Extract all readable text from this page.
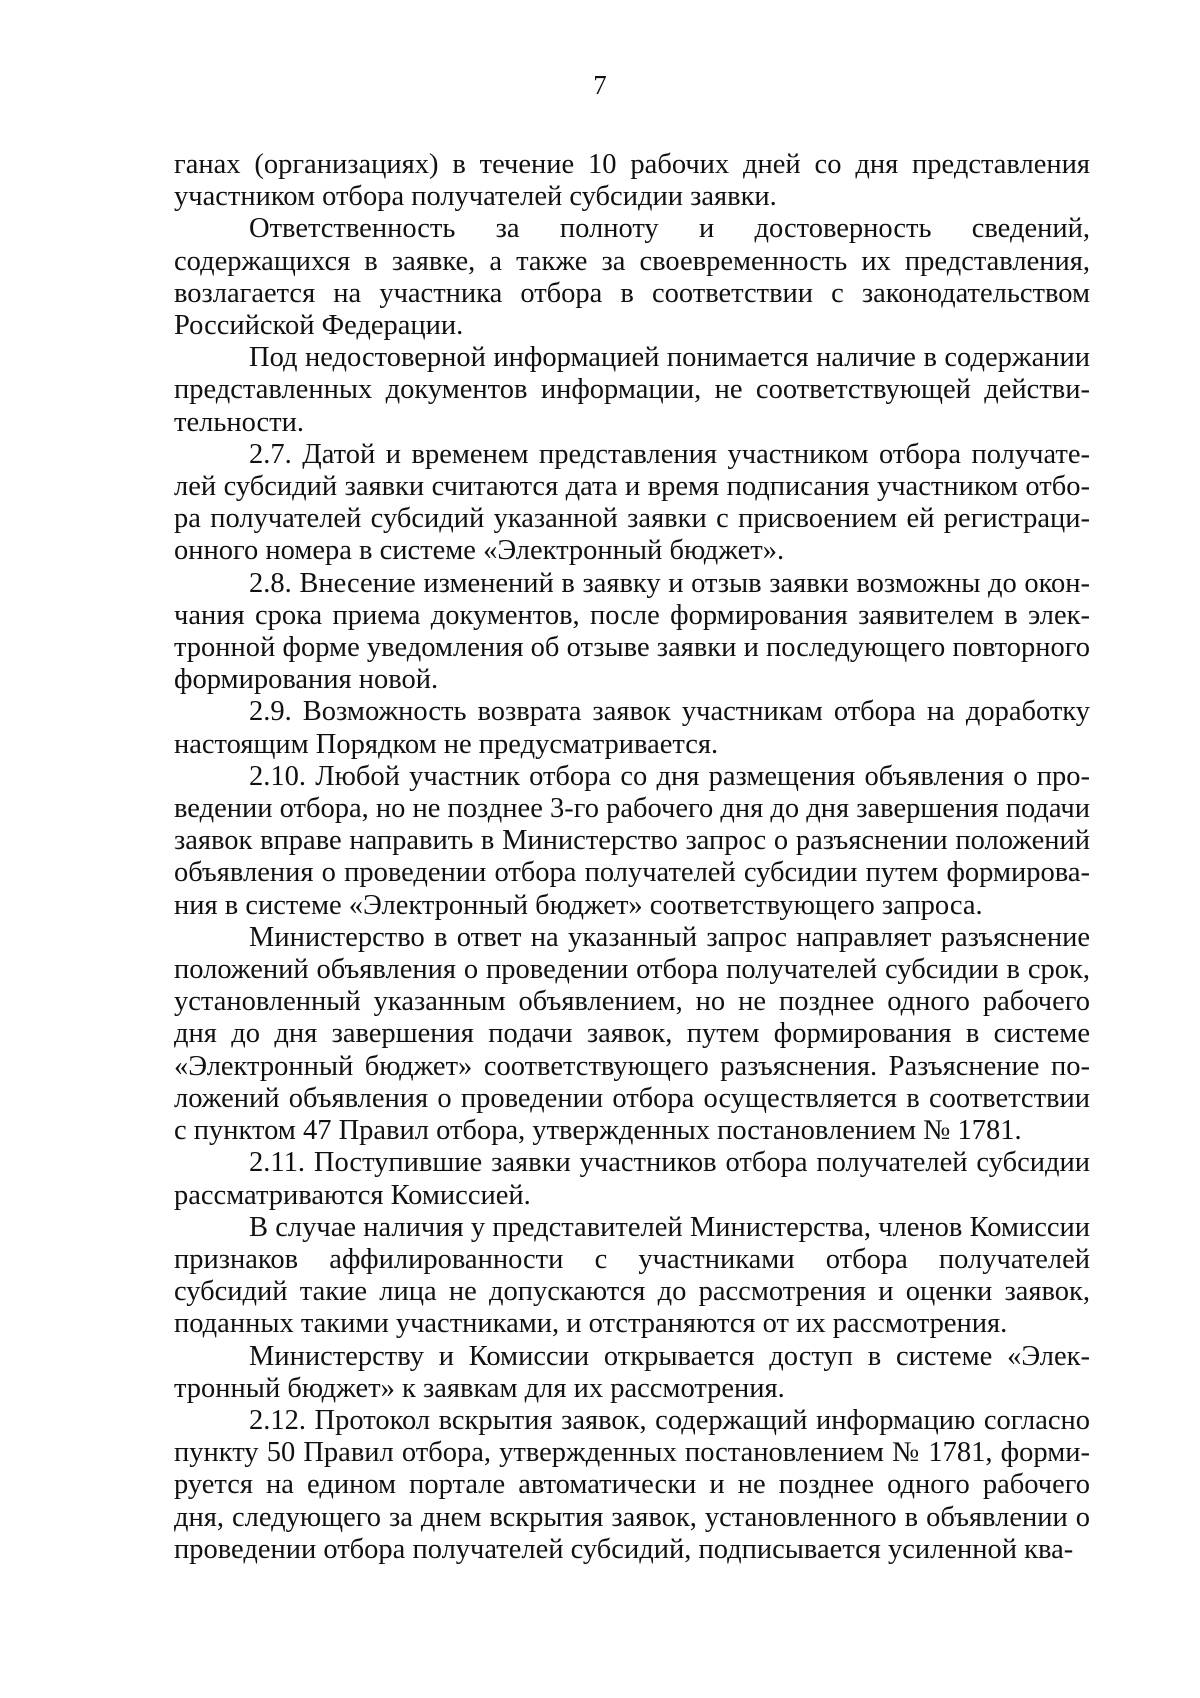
7

ганах (организациях) в течение 10 рабочих дней со дня представления участником отбора получателей субсидии заявки.

Ответственность за полноту и достоверность сведений, содержащихся в заявке, а также за своевременность их представления, возлагается на участника отбора в соответствии с законодательством Российской Федерации.

Под недостоверной информацией понимается наличие в содержании представленных документов информации, не соответствующей действительности.

2.7. Датой и временем представления участником отбора получателей субсидий заявки считаются дата и время подписания участником отбора получателей субсидий указанной заявки с присвоением ей регистрационного номера в системе «Электронный бюджет».

2.8. Внесение изменений в заявку и отзыв заявки возможны до окончания срока приема документов, после формирования заявителем в электронной форме уведомления об отзыве заявки и последующего повторного формирования новой.

2.9. Возможность возврата заявок участникам отбора на доработку настоящим Порядком не предусматривается.

2.10. Любой участник отбора со дня размещения объявления о проведении отбора, но не позднее 3-го рабочего дня до дня завершения подачи заявок вправе направить в Министерство запрос о разъяснении положений объявления о проведении отбора получателей субсидии путем формирования в системе «Электронный бюджет» соответствующего запроса.

Министерство в ответ на указанный запрос направляет разъяснение положений объявления о проведении отбора получателей субсидии в срок, установленный указанным объявлением, но не позднее одного рабочего дня до дня завершения подачи заявок, путем формирования в системе «Электронный бюджет» соответствующего разъяснения. Разъяснение положений объявления о проведении отбора осуществляется в соответствии с пунктом 47 Правил отбора, утвержденных постановлением № 1781.

2.11. Поступившие заявки участников отбора получателей субсидии рассматриваются Комиссией.

В случае наличия у представителей Министерства, членов Комиссии признаков аффилированности с участниками отбора получателей субсидий такие лица не допускаются до рассмотрения и оценки заявок, поданных такими участниками, и отстраняются от их рассмотрения.

Министерству и Комиссии открывается доступ в системе «Электронный бюджет» к заявкам для их рассмотрения.

2.12. Протокол вскрытия заявок, содержащий информацию согласно пункту 50 Правил отбора, утвержденных постановлением № 1781, формируется на едином портале автоматически и не позднее одного рабочего дня, следующего за днем вскрытия заявок, установленного в объявлении о проведении отбора получателей субсидий, подписывается усиленной ква-
